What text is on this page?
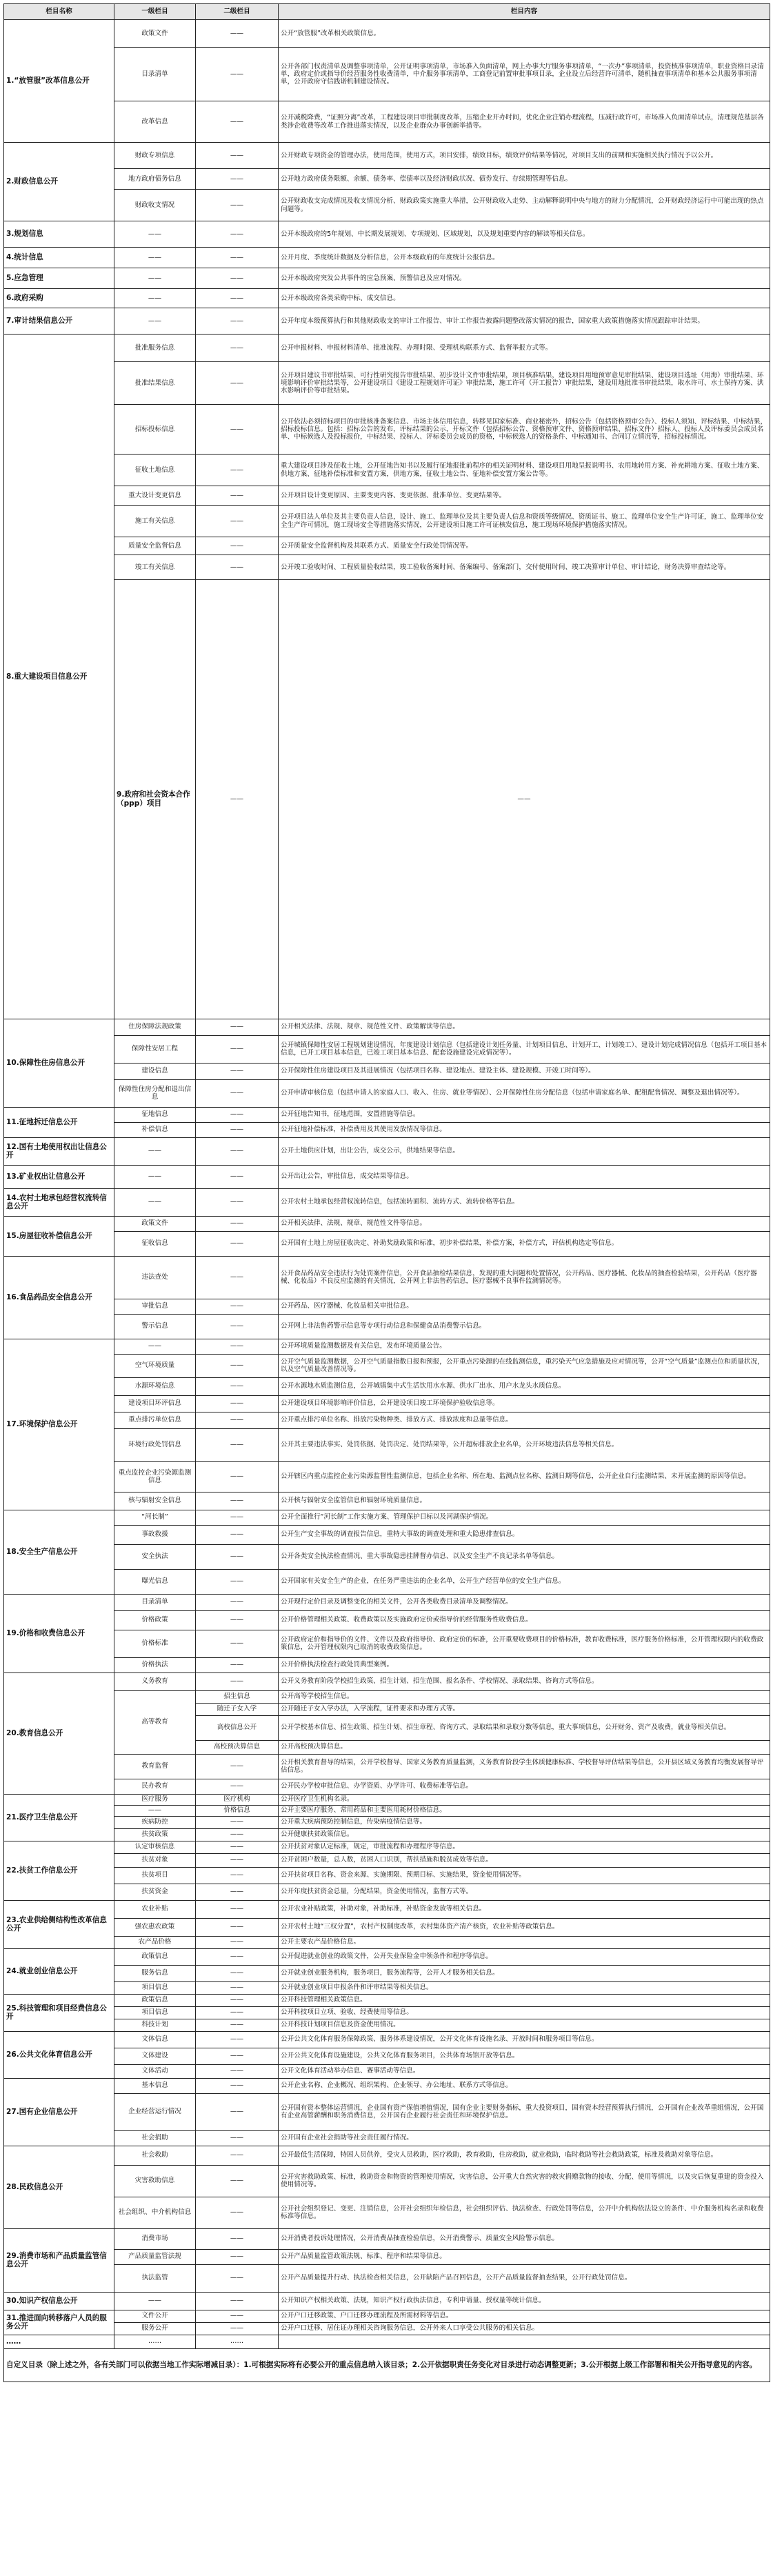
栏目名称	一级栏目	二级栏目	栏目内容	
1.“放管服”改革信息公开	政策文件	——	公开“放管服”改革相关政策信息。	
	目录清单	——	公开各部门权责清单及调整事项清单，公开证明事项清单，市场准入负面清单，网上办事大厅服务事项清单，“一次办”事项清单，投资核准事项清单，职业资格目录清单，政府定价或指导价经营服务性收费清单，中介服务事项清单，工商登记前置审批事项目录，企业设立后经营许可清单，随机抽查事项清单和基本公共服务事项清单，公开政府守信践诺机制建设情况。	
	改革信息	——	公开减税降费，“证照分离”改革，工程建设项目审批制度改革，压缩企业开办时间，优化企业注销办理流程，压减行政许可，市场准入负面清单试点，清理规范基层各类涉企收费等改革工作推进落实情况，以及企业群众办事创新举措等。	
2.财政信息公开	财政专项信息	——	公开财政专项资金的管理办法，使用范围，使用方式，项目安排，绩效目标，绩效评价结果等情况，对项目支出的前期和实施相关执行情况予以公开。	
	地方政府债务信息	——	公开地方政府债务限额、余额、债务率、偿债率以及经济财政状况、债券发行、存续期管理等信息。	
	财政收支情况	——	公开财政收支完成情况及收支情况分析、财政政策实施重大举措，公开财政收入走势、主动解释说明中央与地方的财力分配情况，公开财政经济运行中可能出现的热点问题等。	
3.规划信息	——	——	公开本级政府的5年规划、中长期发展规划、专项规划、区域规划，以及规划重要内容的解读等相关信息。	
4.统计信息	——	——	公开月度、季度统计数据及分析信息，公开本级政府的年度统计公报信息。	
5.应急管理	——	——	公开本级政府突发公共事件的应急预案、预警信息及应对情况。	
6.政府采购	——	——	公开本级政府各类采购中标、成交信息。	
7.审计结果信息公开	——	——	公开年度本级预算执行和其他财政收支的审计工作报告、审计工作报告披露问题整改落实情况的报告，国家重大政策措施落实情况跟踪审计结果。	
8.重大建设项目信息公开	批准服务信息	——	公开申报材料、申报材料清单、批准流程、办理时限、受理机构联系方式、监督举报方式等。	
	批准结果信息	——	公开项目建议书审批结果、可行性研究报告审批结果、初步设计文件审批结果，项目核准结果，建设项目用地预审意见审批结果、建设项目选址（用海）审批结果、环境影响评价审批结果等，公开建设项目《建设工程规划许可证》审批结果，施工许可（开工报告）审批结果，建设用地批准书审批结果，取水许可、水土保持方案、洪水影响评价等审批结果。	
	招标投标信息	——	公开依法必须招标项目的审批核准备案信息、市场主体信用信息，转移见国家标准、商业秘密外，招标公告（包括资格预审公告）、投标人须知、评标结果、中标结果，招标投标信息。包括：招标公告的发布，评标结果的公示，开标文件（包括招标公告、资格预审文件、资格预审结果、招标文件）招标人、投标人及评标委员会成员名单、中标候选人及投标报价，中标结果、投标人、评标委员会成员的资格，中标候选人的资格条件、中标通知书、合同订立情况等，招标投标情况。	
	征收土地信息	——	重大建设项目涉及征收土地，公开征地告知书以及履行征地报批前程序的相关证明材料、建设项目用地呈报说明书、农用地转用方案、补充耕地方案、征收土地方案、供地方案、征地补偿标准和安置方案，供地方案，征收土地公告、征地补偿安置方案公告等。	
	重大设计变更信息	——	公开项目设计变更原因、主要变更内容、变更依据、批准单位、变更结果等。	
	施工有关信息	——	公开项目法人单位及其主要负责人信息，设计、施工、监理单位及其主要负责人信息和资质等级情况、资质证书、施工、监理单位安全生产许可证，施工、监理单位安全生产许可情况，施工现场安全等措施落实情况，公开建设项目施工许可证核发信息，施工现场环境保护措施落实情况。	
	质量安全监督信息	——	公开质量安全监督机构及其联系方式、质量安全行政处罚情况等。	
	竣工有关信息	——	公开竣工验收时间、工程质量验收结果，竣工验收备案时间、备案编号、备案部门，交付使用时间、竣工决算审计单位、审计结论，财务决算审查结论等。	
	9.政府和社会资本合作（ppp）项目	——	——	
10.保障性住房信息公开	住房保障法规政策	——	公开相关法律、法规、规章、规范性文件、政策解读等信息。	
	保障性安居工程	——	公开城镇保障性安居工程规划建设情况、年度建设计划信息（包括建设计划任务量、计划项目信息、计划开工、计划竣工）、建设计划完成情况信息（包括开工项目基本信息，已开工项目基本信息，已竣工项目基本信息、配套设施建设完成情况等）。	
	建设信息	——	公开保障性住房建设项目及其进展情况（包括项目名称、建设地点、建设主体、建设规模、开竣工时间等）。	
	保障性住房分配和退出信息	——	公开申请审核信息（包括申请人的家庭人口、收入、住房、就业等情况）、公开保障性住房分配信息（包括申请家庭名单、配租配售情况、调整及退出情况等）。	
11.征地拆迁信息公开	征地信息	——	公开征地告知书，征地范围，安置措施等信息。	
	补偿信息	——	公开征地补偿标准，补偿费用及其使用发放情况等信息。	
12.国有土地使用权出让信息公开	——	——	公开土地供应计划，出让公告，成交公示，供地结果等信息。	
13.矿业权出让信息公开	——	——	公开出让公告，审批信息，成交结果等信息。	
14.农村土地承包经营权流转信息公开	——	——	公开农村土地承包经营权流转信息，包括流转面积、流转方式、流转价格等信息。	
15.房屋征收补偿信息公开	政策文件	——	公开相关法律、法规、规章、规范性文件等信息。	
	征收信息	——	公开国有土地上房屋征收决定、补助奖励政策和标准，初步补偿结果，补偿方案，补偿方式，评估机构选定等信息。	
16.食品药品安全信息公开	违法查处	——	公开食品药品安全违法行为处罚案件信息，公开食品抽检结果信息，发现的重大问题和处置情况，公开药品、医疗器械、化妆品的抽查检验结果，公开药品（医疗器械、化妆品）不良反应监测的有关情况，公开网上非法售药信息，医疗器械不良事件监测情况等。	
	审批信息	——	公开药品、医疗器械、化妆品相关审批信息。	
	警示信息	——	公开网上非法售药警示信息等专项行动信息和保健食品消费警示信息。	
17.环境保护信息公开	——	——	公开环境质量监测数据及有关信息，发布环境质量公告。	
	空气环境质量	——	公开空气质量监测数据，公开空气质量指数日报和预报，公开重点污染源的在线监测信息，重污染天气应急措施及应对情况等，公开“空气质量”监测点位和质量状况，以及空气质量改善情况等。	
	水源环境信息	——	公开水源地水质监测信息，公开城镇集中式生活饮用水水源、供水厂出水、用户水龙头水质信息。	
	建设项目环评信息	——	公开建设项目环境影响评价信息，公开建设项目竣工环境保护验收信息等。	
	重点排污单位信息	——	公开重点排污单位名称、排放污染物种类、排放方式、排放浓度和总量等信息。	
	环境行政处罚信息	——	公开其主要违法事实、处罚依据、处罚决定、处罚结果等，公开超标排放企业名单，公开环境违法信息等相关信息。	
	重点监控企业污染源监测信息	——	公开辖区内重点监控企业污染源监督性监测信息，包括企业名称、所在地、监测点位名称、监测日期等信息，公开企业自行监测结果、未开展监测的原因等信息。	
	核与辐射安全信息	——	公开核与辐射安全监管信息和辐射环境质量信息。	
18.安全生产信息公开	“河长制”	——	公开全面推行“河长制”工作实施方案、管理保护目标以及河湖保护情况。	
	事故救援	——	公开生产安全事故的调查报告信息，重特大事故的调查处理和重大隐患排查信息。	
	安全执法	——	公开各类安全执法检查情况、重大事故隐患挂牌督办信息、以及安全生产不良记录名单等信息。	
	曝光信息	——	公开国家有关安全生产的企业，在任务严重违法的企业名单，公开生产经营单位的安全生产信息。	
19.价格和收费信息公开	目录清单	——	公开现行定价目录及调整变化的相关文件，公开各类收费目录清单及调整情况。	
	价格政策	——	公开价格管理相关政策、收费政策以及实施政府定价或指导价的经营服务性收费信息。	
	价格标准	——	公开政府定价和指导价的文件、文件以及政府指导价、政府定价的标准，公开重要收费项目的价格标准，教育收费标准，医疗服务价格标准，公开管理权限内的收费政策信息，公开管理权限内已取消的收费政策信息。	
	价格执法	——	公开价格执法检查行政处罚典型案例。	
20.教育信息公开	义务教育	——	公开义务教育阶段学校招生政策、招生计划、招生范围、报名条件、学校情况、录取结果、咨询方式等信息。	
	高等教育	招生信息	公开高等学校招生信息。	
		随迁子女入学	公开随迁子女入学办法，入学流程，证件要求和办理方式等。	
		高校信息公开	公开学校基本信息、招生政策、招生计划、招生章程、咨询方式、录取结果和录取分数等信息，重大事项信息，公开财务、资产及收费，就业等相关信息。	
		高校预决算信息	公开高校预决算信息。	
	教育监督	——	公开相关教育督导的结果，公开学校督导、国家义务教育质量监测，义务教育阶段学生体质健康标准、学校督导评估结果等信息，公开县区域义务教育均衡发展督导评估信息。	
	民办教育	——	公开民办学校审批信息、办学资质、办学许可、收费标准等信息。	
21.医疗卫生信息公开	医疗服务	医疗机构	公开医疗卫生机构名录。	
	——	价格信息	公开主要医疗服务、常用药品和主要医用耗材价格信息。	
	疾病防控	——	公开重大疾病预防控制信息，传染病疫情信息等。	
	扶贫政策	——	公开健康扶贫政策信息。	
22.扶贫工作信息公开	认定审核信息	——	公开扶贫对象认定标准，规定，审批流程和办理程序等信息。	
	扶贫对象	——	公开贫困户数量，总人数，贫困人口识别，帮扶措施和脱贫成效等信息。	
	扶贫项目	——	公开扶贫项目名称、资金来源、实施期限、预期目标、实施结果，资金使用情况等。	
	扶贫资金	——	公开年度扶贫资金总量，分配结果，资金使用情况，监督方式等。	
23.农业供给侧结构性改革信息公开	农业补贴	——	公开农业补贴政策，补助对象，补助标准，补贴资金发放等相关信息。	
	强农惠农政策	——	公开农村土地“三权分置”，农村产权制度改革，农村集体资产清产核资，农业补贴等政策信息。	
	农产品价格	——	公开主要农产品价格信息。	
24.就业创业信息公开	政策信息	——	公开促进就业创业的政策文件，公开失业保险金申领条件和程序等信息。	
	服务信息	——	公开就业创业服务机构，服务项目，服务流程等，公开人才服务相关信息。	
	项目信息	——	公开就业创业项目申报条件和评审结果等相关信息。	
25.科技管理和项目经费信息公开	政策信息	——	公开科技管理相关政策信息。	
	项目信息	——	公开科技项目立项、验收、经费使用等信息。	
	科技计划	——	公开科技计划项目信息及资金使用情况。	
26.公共文化体育信息公开	文体信息	——	公开公共文化体育服务保障政策、服务体系建设情况，公开文化体育设施名录、开放时间和服务项目等信息。	
	文体建设	——	公开公共文化体育设施建设，公共文化体育服务项目，公共体育场馆开放等信息。	
	文体活动	——	公开文化体育活动举办信息、赛事活动等信息。	
27.国有企业信息公开	基本信息	——	公开企业名称、企业概况、组织架构、企业领导、办公地址、联系方式等信息。	
	企业经营运行情况	——	公开国有资本整体运营情况，企业国有资产保值增值情况，国有企业主要财务指标，重大投资项目，国有资本经营预算执行情况，公开国有企业改革重组情况，公开国有企业高管薪酬和职务消费信息，公开国有企业履行社会责任和环境保护信息。	
	社会捐助	——	公开国有企业社会捐助等社会责任履行情况。	
28.民政信息公开	社会救助	——	公开最低生活保障，特困人员供养，受灾人员救助，医疗救助，教育救助，住房救助，就业救助，临时救助等社会救助政策，标准及救助对象等信息。	
	灾害救助信息	——	公开灾害救助政策、标准，救助资金和物资的管理使用情况，灾害信息，公开重大自然灾害的救灾捐赠款物的接收、分配、使用等情况，以及灾后恢复重建的资金投入使用情况等。	
	社会组织、中介机构信息	——	公开社会组织登记、变更、注销信息，公开社会组织年检信息，社会组织评估、执法检查、行政处罚等信息，公开中介机构依法设立的条件、中介服务机构名录和收费标准等信息。	
29.消费市场和产品质量监管信息公开	消费市场	——	公开消费者投诉处理情况，公开消费品抽查检验信息，公开消费警示、质量安全风险警示信息。	
	产品质量监管法规	——	公开产品质量监管政策法规、标准、程序和结果等信息。	
	执法监管	——	公开产品质量提升行动、执法检查相关信息，公开缺陷产品召回信息，公开产品质量监督抽查结果，公开行政处罚信息。	
30.知识产权信息公开	——	——	公开知识产权相关政策、法规，知识产权行政执法信息，专利申请量、授权量等统计信息。	
31.推进面向转移落户人员的服务公开	文件公开	——	公开户口迁移政策、户口迁移办理流程及所需材料等信息。	
	服务公开	——	公开户口迁移、居住证办理相关咨询服务信息，公开外来人口享受公共服务的相关信息。	
……	……	……		
自定义目录（除上述之外，各有关部门可以依据当地工作实际增减目录）：1.可根据实际将有必要公开的重点信息纳入该目录；2.公开依据职责任务变化对目录进行动态调整更新；3.公开根据上级工作部署和相关公开指导意见的内容。				
